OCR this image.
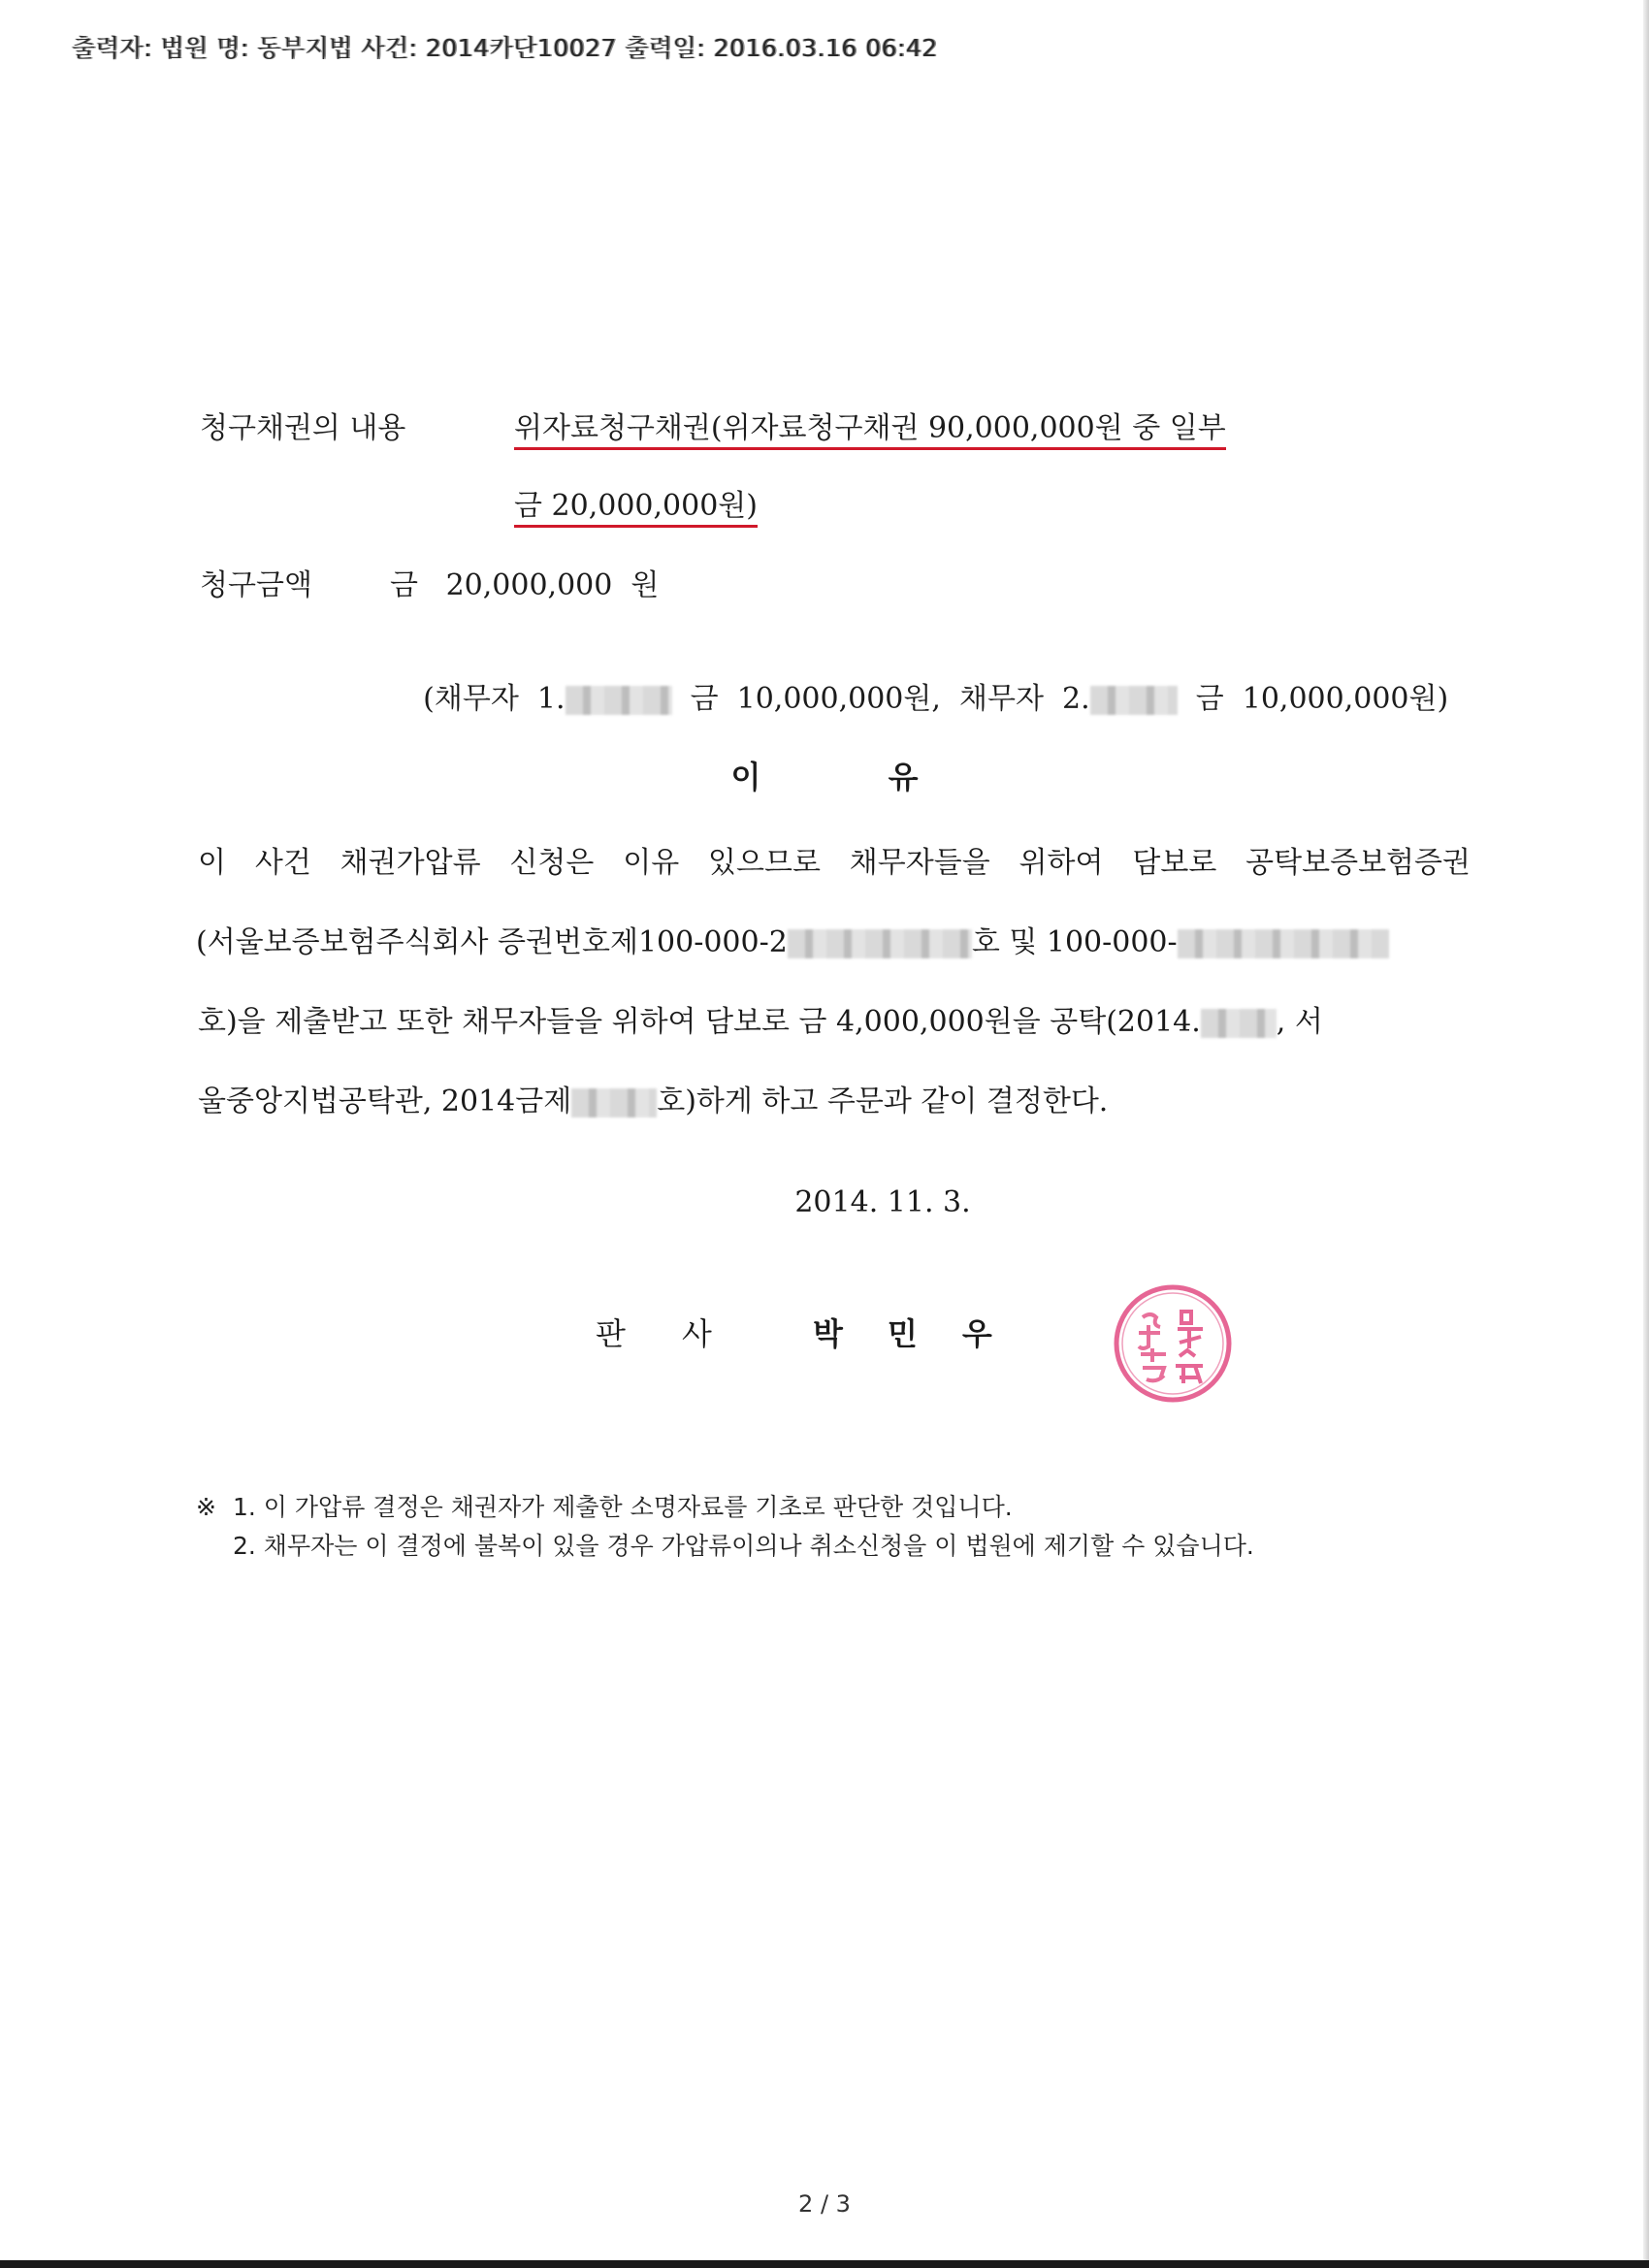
출력자: 법원 명: 동부지법 사건: 2014카단10027 출력일: 2016.03.16 06:42
청구채권의 내용	위자료청구채권(위자료청구채권 90,000,000원 중 일부
금 20,000,000원)
청구금액	금   20,000,000  원

(채무자  1.	금  10,000,000원,  채무자  2.	금  10,000,000원)

이 유
이 사건 채권가압류 신청은 이유 있으므로 채무자들을 위하여 담보로 공탁보증보험증권
(서울보증보험주식회사 증권번호제100-000-2	호 및 100-000-
호)을 제출받고 또한 채무자들을 위하여 담보로 금 4,000,000원을 공탁(2014.	, 서
울중앙지법공탁관, 2014금제	호)하게 하고 주문과 같이 결정한다.
2014. 11. 3.
판사 박민우
※ 1. 이 가압류 결정은 채권자가 제출한 소명자료를 기초로 판단한 것입니다.
2. 채무자는 이 결정에 불복이 있을 경우 가압류이의나 취소신청을 이 법원에 제기할 수 있습니다.
2 / 3
